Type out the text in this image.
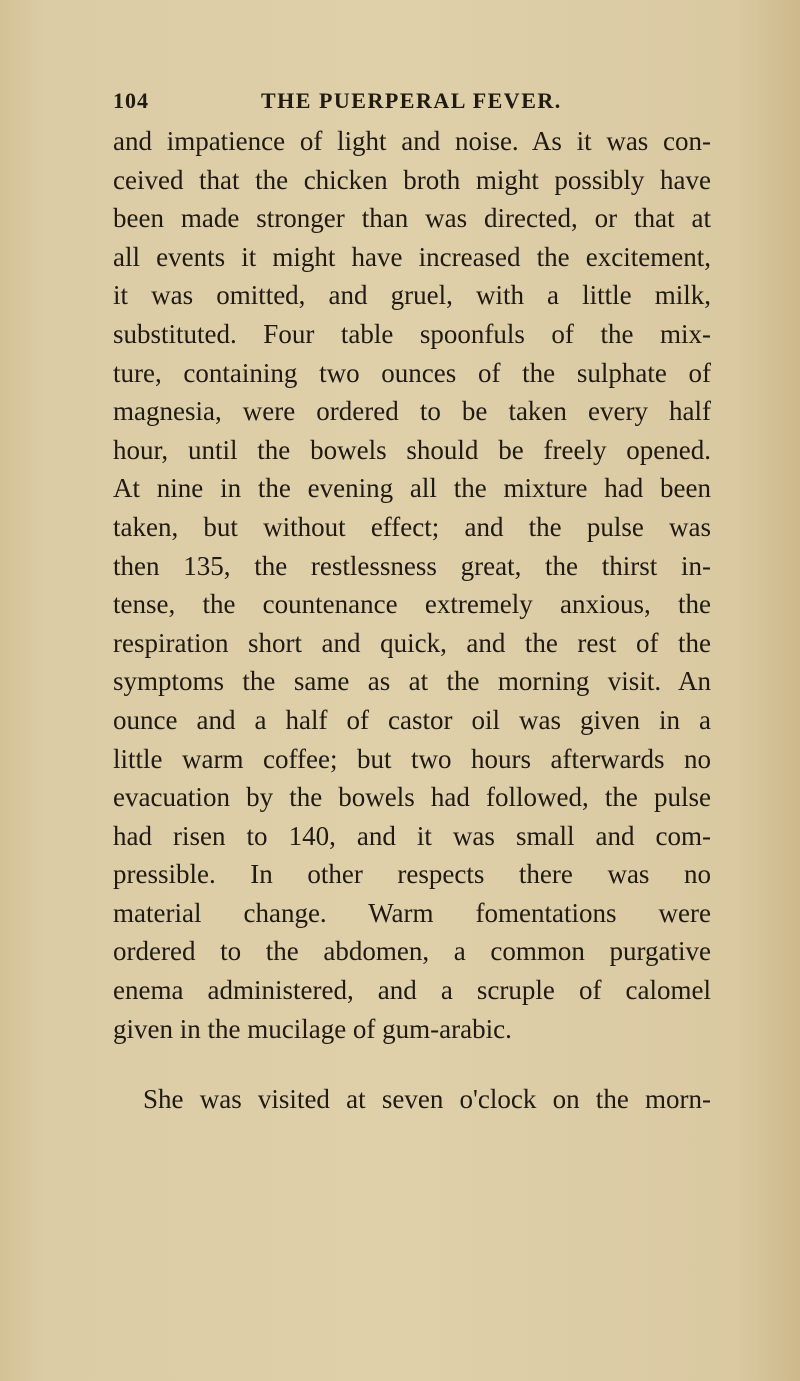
104	THE PUERPERAL FEVER.
and impatience of light and noise. As it was con-
ceived that the chicken broth might possibly have
been made stronger than was directed, or that at
all events it might have increased the excitement,
it was omitted, and gruel, with a little milk,
substituted. Four table spoonfuls of the mix-
ture, containing two ounces of the sulphate of
magnesia, were ordered to be taken every half
hour, until the bowels should be freely opened.
At nine in the evening all the mixture had been
taken, but without effect; and the pulse was
then 135, the restlessness great, the thirst in-
tense, the countenance extremely anxious, the
respiration short and quick, and the rest of the
symptoms the same as at the morning visit. An
ounce and a half of castor oil was given in a
little warm coffee; but two hours afterwards no
evacuation by the bowels had followed, the pulse
had risen to 140, and it was small and com-
pressible. In other respects there was no
material change. Warm fomentations were
ordered to the abdomen, a common purgative
enema administered, and a scruple of calomel
given in the mucilage of gum-arabic.
She was visited at seven o'clock on the morn-
